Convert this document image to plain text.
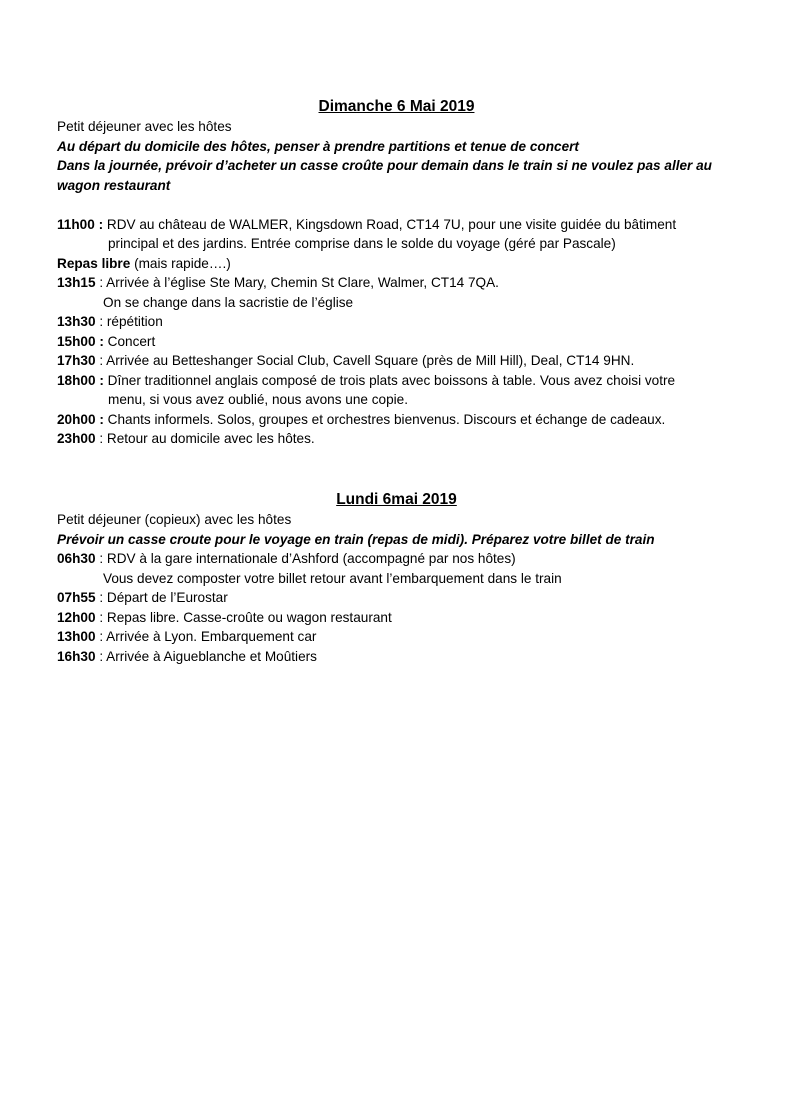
Dimanche 6 Mai 2019

Petit déjeuner avec les hôtes

Au départ du domicile des hôtes, penser à prendre partitions et tenue de concert

Dans la journée, prévoir d’acheter un casse croûte pour demain dans le train si ne voulez pas aller au wagon restaurant

11h00 : RDV au château de WALMER, Kingsdown Road, CT14 7U, pour une visite guidée du bâtiment
principal et des jardins. Entrée comprise dans le solde du voyage (géré par Pascale)
Repas libre (mais rapide….)
13h15 : Arrivée à l’église Ste Mary, Chemin St Clare, Walmer, CT14 7QA.
On se change dans la sacristie de l’église
13h30 : répétition
15h00 : Concert
17h30 : Arrivée au Betteshanger Social Club, Cavell Square (près de Mill Hill), Deal, CT14 9HN.
18h00 : Dîner traditionnel anglais composé de trois plats avec boissons à table. Vous avez choisi votre
menu, si vous avez oublié, nous avons une copie.
20h00 : Chants informels. Solos, groupes et orchestres bienvenus. Discours et échange de cadeaux.
23h00 : Retour au domicile avec les hôtes.
Lundi 6mai 2019

Petit déjeuner (copieux) avec les hôtes

Prévoir un casse croute pour le voyage en train (repas de midi). Préparez votre billet de train

06h30 : RDV à la gare internationale d’Ashford (accompagné par nos hôtes)
Vous devez composter votre billet retour avant l’embarquement dans le train
07h55 : Départ de l’Eurostar
12h00 : Repas libre. Casse-croûte ou wagon restaurant
13h00 : Arrivée à Lyon. Embarquement car
16h30 : Arrivée à Aigueblanche et Moûtiers
